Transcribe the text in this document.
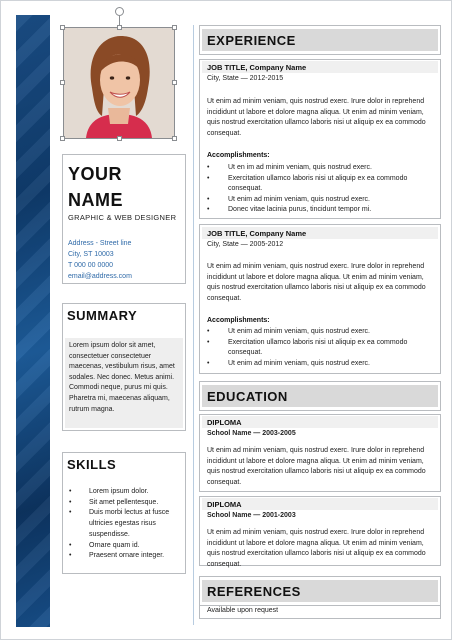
YOUR
NAME
GRAPHIC & WEB DESIGNER
Address - Street line
City, ST 10003
T 000 00 0000
email@address.com
SUMMARY
Lorem ipsum dolor sit amet, consectetuer consectetuer maecenas, vestibulum risus, amet sodales. Nec donec. Metus animi. Commodi neque, purus mi quis. Pharetra mi, maecenas aliquam, rutrum magna.
SKILLS
• Lorem ipsum dolor.
• Sit amet pellentesque.
• Duis morbi lectus at fusce ultricies egestas risus suspendisse.
• Ornare quam id.
• Praesent ornare integer.
EXPERIENCE
JOB TITLE, Company Name
City, State — 2012-2015
Ut enim ad minim veniam, quis nostrud exerc. Irure dolor in reprehend incididunt ut labore et dolore magna aliqua. Ut enim ad minim veniam, quis nostrud exercitation ullamco laboris nisi ut aliquip ex ea commodo consequat.
Accomplishments:
• Ut en im ad minim veniam, quis nostrud exerc.
• Exercitation ullamco laboris nisi ut aliquip ex ea commodo consequat.
• Ut enim ad minim veniam, quis nostrud exerc.
• Donec vitae lacinia purus, tincidunt tempor mi.
JOB TITLE, Company Name
City, State — 2005-2012
Ut enim ad minim veniam, quis nostrud exerc. Irure dolor in reprehend incididunt ut labore et dolore magna aliqua. Ut enim ad minim veniam, quis nostrud exercitation ullamco laboris nisi ut aliquip ex ea commodo consequat.
Accomplishments:
• Ut enim ad minim veniam, quis nostrud exerc.
• Exercitation ullamco laboris nisi ut aliquip ex ea commodo consequat.
• Ut enim ad minim veniam, quis nostrud exerc.
EDUCATION
DIPLOMA
School Name — 2003-2005
Ut enim ad minim veniam, quis nostrud exerc. Irure dolor in reprehend incididunt ut labore et dolore magna aliqua. Ut enim ad minim veniam, quis nostrud exercitation ullamco laboris nisi ut aliquip ex ea commodo consequat.
DIPLOMA
School Name — 2001-2003
Ut enim ad minim veniam, quis nostrud exerc. Irure dolor in reprehend incididunt ut labore et dolore magna aliqua. Ut enim ad minim veniam, quis nostrud exercitation ullamco laboris nisi ut aliquip ex ea commodo consequat.
REFERENCES
Available upon request
